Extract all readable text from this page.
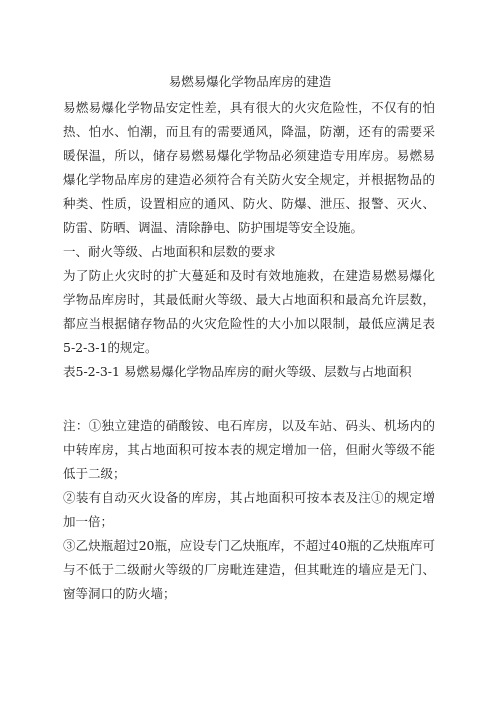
易燃易爆化学物品库房的建造

易燃易爆化学物品安定性差，具有很大的火灾危险性，不仅有的怕热、怕水、怕潮，而且有的需要通风，降温，防潮，还有的需要采暖保温，所以，储存易燃易爆化学物品必须建造专用库房。易燃易爆化学物品库房的建造必须符合有关防火安全规定，并根据物品的种类、性质，设置相应的通风、防火、防爆、泄压、报警、灭火、防雷、防晒、调温、清除静电、防护围堤等安全设施。

一、耐火等级、占地面积和层数的要求

为了防止火灾时的扩大蔓延和及时有效地施救，在建造易燃易爆化学物品库房时，其最低耐火等级、最大占地面积和最高允许层数，都应当根据储存物品的火灾危险性的大小加以限制，最低应满足表5-2-3-1的规定。

表5-2-3-1 易燃易爆化学物品库房的耐火等级、层数与占地面积

注：①独立建造的硝酸铵、电石库房，以及车站、码头、机场内的中转库房，其占地面积可按本表的规定增加一倍，但耐火等级不能低于二级；

②装有自动灭火设备的库房，其占地面积可按本表及注①的规定增加一倍；

③乙炔瓶超过20瓶，应设专门乙炔瓶库，不超过40瓶的乙炔瓶库可与不低于二级耐火等级的厂房毗连建造，但其毗连的墙应是无门、窗等洞口的防火墙；
